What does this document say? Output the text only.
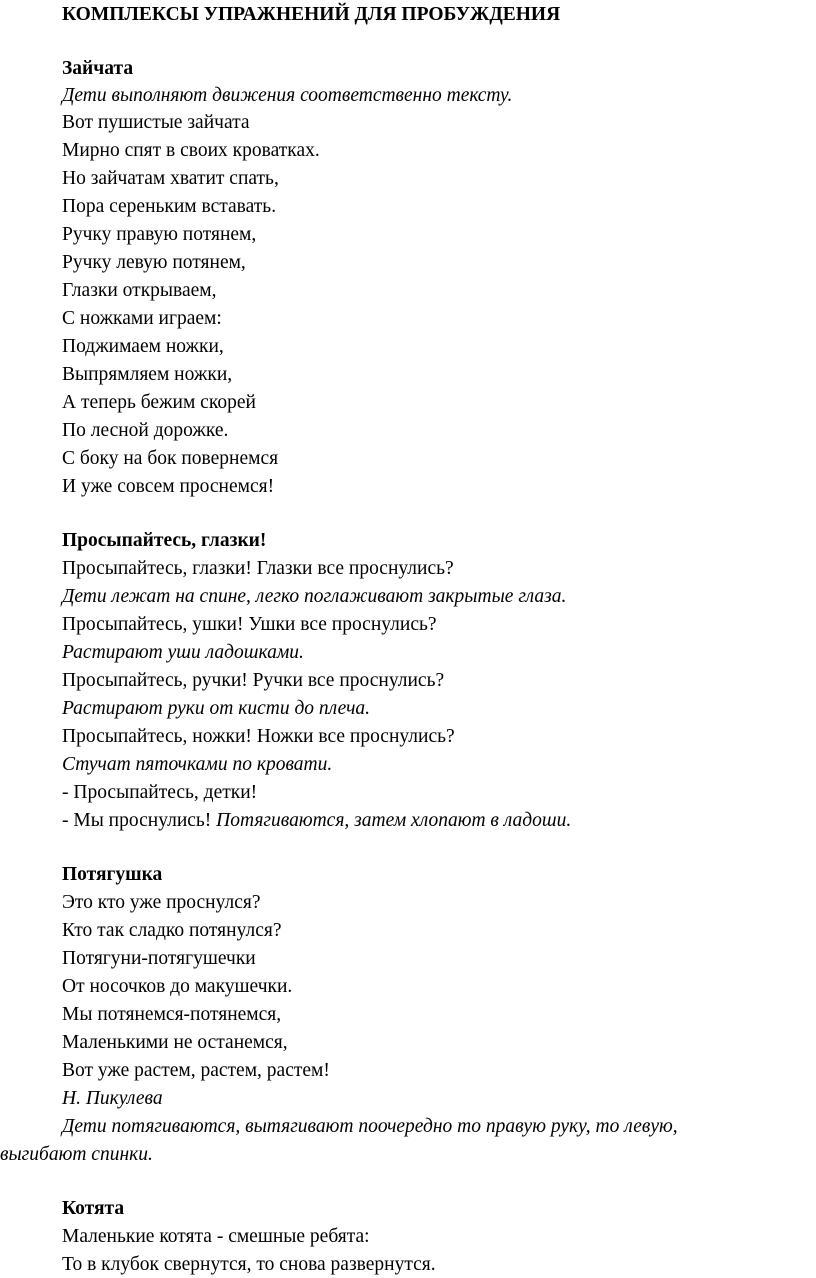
КОМПЛЕКСЫ УПРАЖНЕНИЙ ДЛЯ ПРОБУЖДЕНИЯ
Зайчата
Дети выполняют движения соответственно тексту.
Вот пушистые зайчата
Мирно спят в своих кроватках.
Но зайчатам хватит спать,
Пора сереньким вставать.
Ручку правую потянем,
Ручку левую потянем,
Глазки открываем,
С ножками играем:
Поджимаем ножки,
Выпрямляем ножки,
А теперь бежим скорей
По лесной дорожке.
С боку на бок повернемся
И уже совсем проснемся!
Просыпайтесь, глазки!
Просыпайтесь, глазки! Глазки все проснулись?
Дети лежат на спине, легко поглаживают закрытые глаза.
Просыпайтесь, ушки! Ушки все проснулись?
Растирают уши ладошками.
Просыпайтесь, ручки! Ручки все проснулись?
Растирают руки от кисти до плеча.
Просыпайтесь, ножки! Ножки все проснулись?
Стучат пяточками по кровати.
- Просыпайтесь, детки!
- Мы проснулись! Потягиваются, затем хлопают в ладоши.
Потягушка
Это кто уже проснулся?
Кто так сладко потянулся?
Потягуни-потягушечки
От носочков до макушечки.
Мы потянемся-потянемся,
Маленькими не останемся,
Вот уже растем, растем, растем!
Н. Пикулева
Дети потягиваются, вытягивают поочередно то правую руку, то левую,
выгибают спинки.
Котята
Маленькие котята - смешные ребята:
То в клубок свернутся, то снова развернутся.
